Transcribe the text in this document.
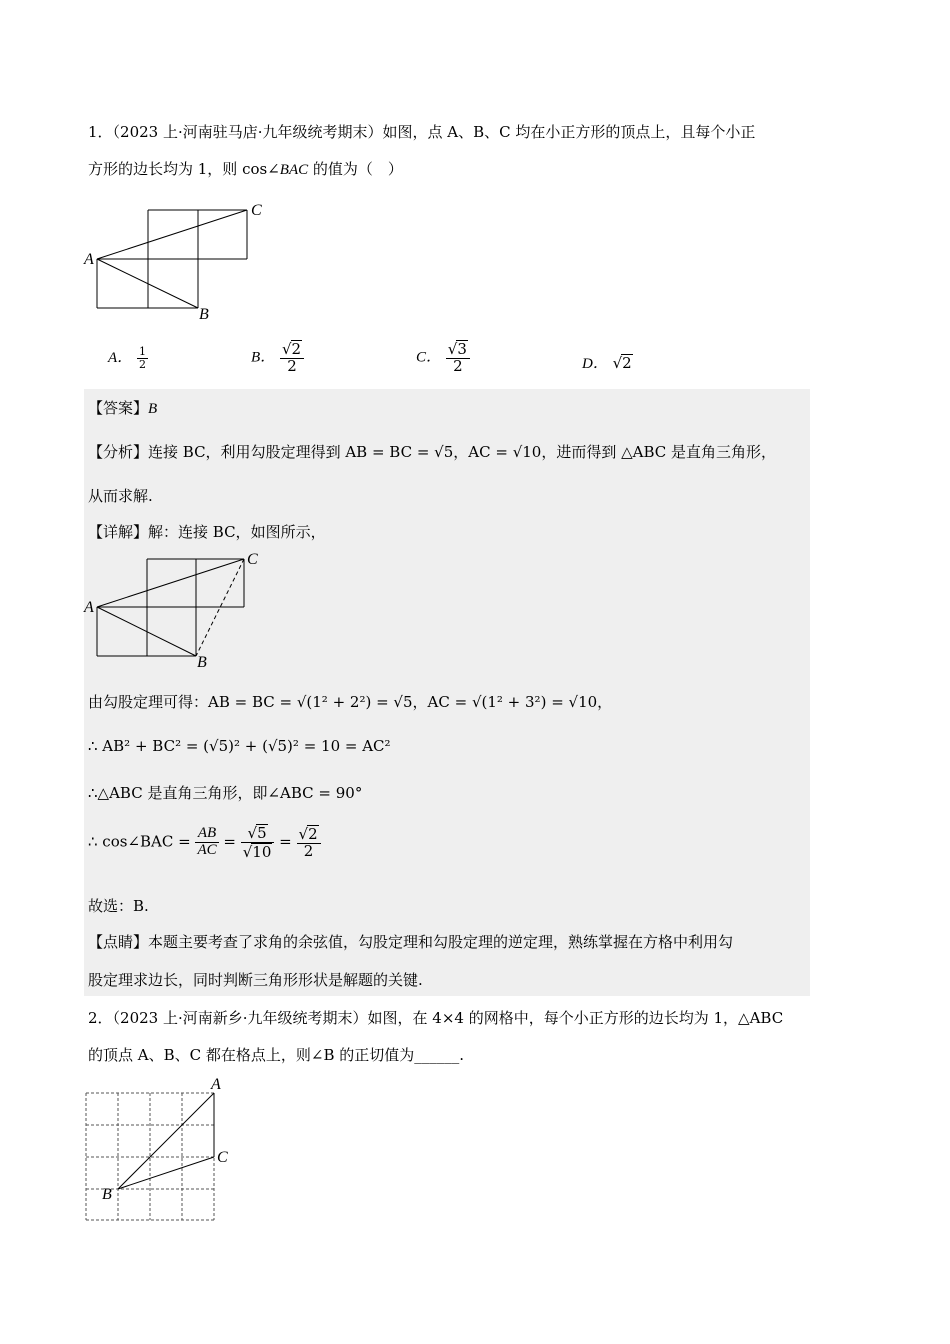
1．（2023 上·河南驻马店·九年级统考期末）如图，点 A、B、C 均在小正方形的顶点上，且每个小正
方形的边长均为 1，则 cos∠BAC 的值为（　）
A
B
C
A． $\frac{1}{2}$	B． $\frac{√2}{2}$	C． $\frac{√3}{2}$	D． √2
【答案】B
【分析】连接 BC，利用勾股定理得到 AB = BC = √5，AC = √10，进而得到 △ABC 是直角三角形，
从而求解.
【详解】解：连接 BC，如图所示，
A
B
C
由勾股定理可得：AB = BC = √(1² + 2²) = √5，AC = √(1² + 3²) = √10，
∴ AB² + BC² = (√5)² + (√5)² = 10 = AC²
∴△ABC 是直角三角形，即∠ABC = 90°
∴ cos∠BAC = $\frac{AB}{AC} = \frac{√5}{√10} = \frac{√2}{2}$
故选：B.
【点睛】本题主要考查了求角的余弦值，勾股定理和勾股定理的逆定理，熟练掌握在方格中利用勾
股定理求边长，同时判断三角形形状是解题的关键.
2．（2023 上·河南新乡·九年级统考期末）如图，在 4×4 的网格中，每个小正方形的边长均为 1，△ABC
的顶点 A、B、C 都在格点上，则∠B 的正切值为______.
A
B
C
